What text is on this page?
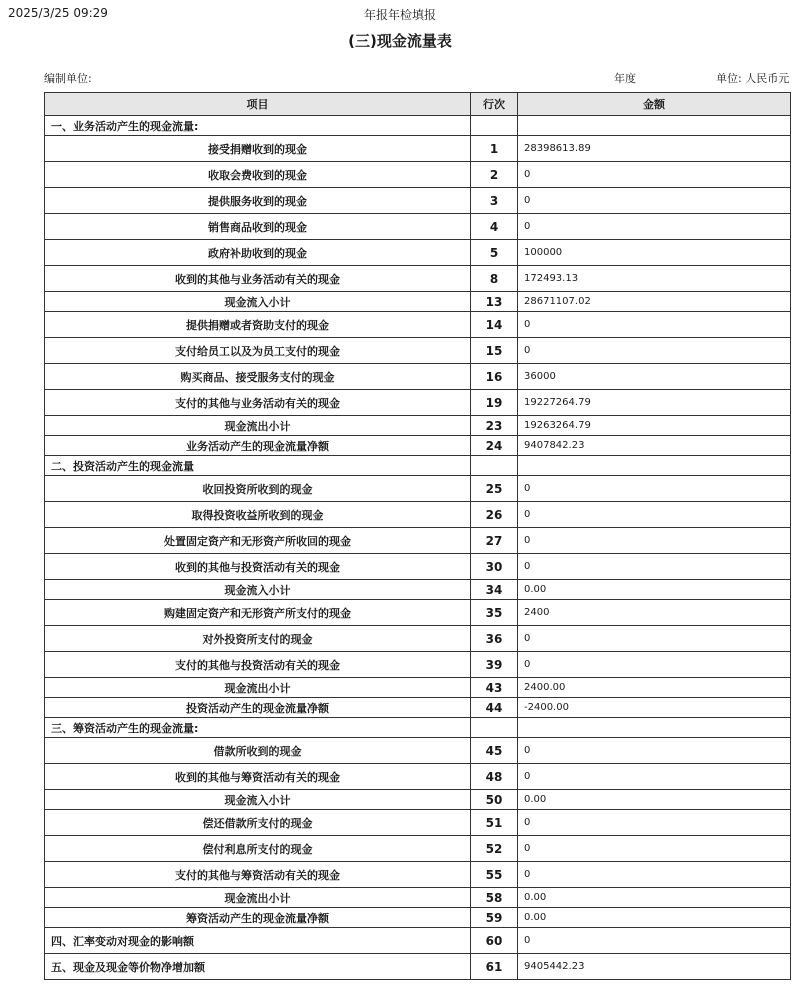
2025/3/25 09:29	年报年检填报
(三)现金流量表
编制单位:	年度	单位: 人民币元
项目	行次	金额
一、业务活动产生的现金流量:		
接受捐赠收到的现金	1	28398613.89
收取会费收到的现金	2	0
提供服务收到的现金	3	0
销售商品收到的现金	4	0
政府补助收到的现金	5	100000
收到的其他与业务活动有关的现金	8	172493.13
现金流入小计	13	28671107.02
提供捐赠或者资助支付的现金	14	0
支付给员工以及为员工支付的现金	15	0
购买商品、接受服务支付的现金	16	36000
支付的其他与业务活动有关的现金	19	19227264.79
现金流出小计	23	19263264.79
业务活动产生的现金流量净额	24	9407842.23
二、投资活动产生的现金流量		
收回投资所收到的现金	25	0
取得投资收益所收到的现金	26	0
处置固定资产和无形资产所收回的现金	27	0
收到的其他与投资活动有关的现金	30	0
现金流入小计	34	0.00
购建固定资产和无形资产所支付的现金	35	2400
对外投资所支付的现金	36	0
支付的其他与投资活动有关的现金	39	0
现金流出小计	43	2400.00
投资活动产生的现金流量净额	44	-2400.00
三、筹资活动产生的现金流量:		
借款所收到的现金	45	0
收到的其他与筹资活动有关的现金	48	0
现金流入小计	50	0.00
偿还借款所支付的现金	51	0
偿付利息所支付的现金	52	0
支付的其他与筹资活动有关的现金	55	0
现金流出小计	58	0.00
筹资活动产生的现金流量净额	59	0.00
四、汇率变动对现金的影响额	60	0
五、现金及现金等价物净增加额	61	9405442.23
